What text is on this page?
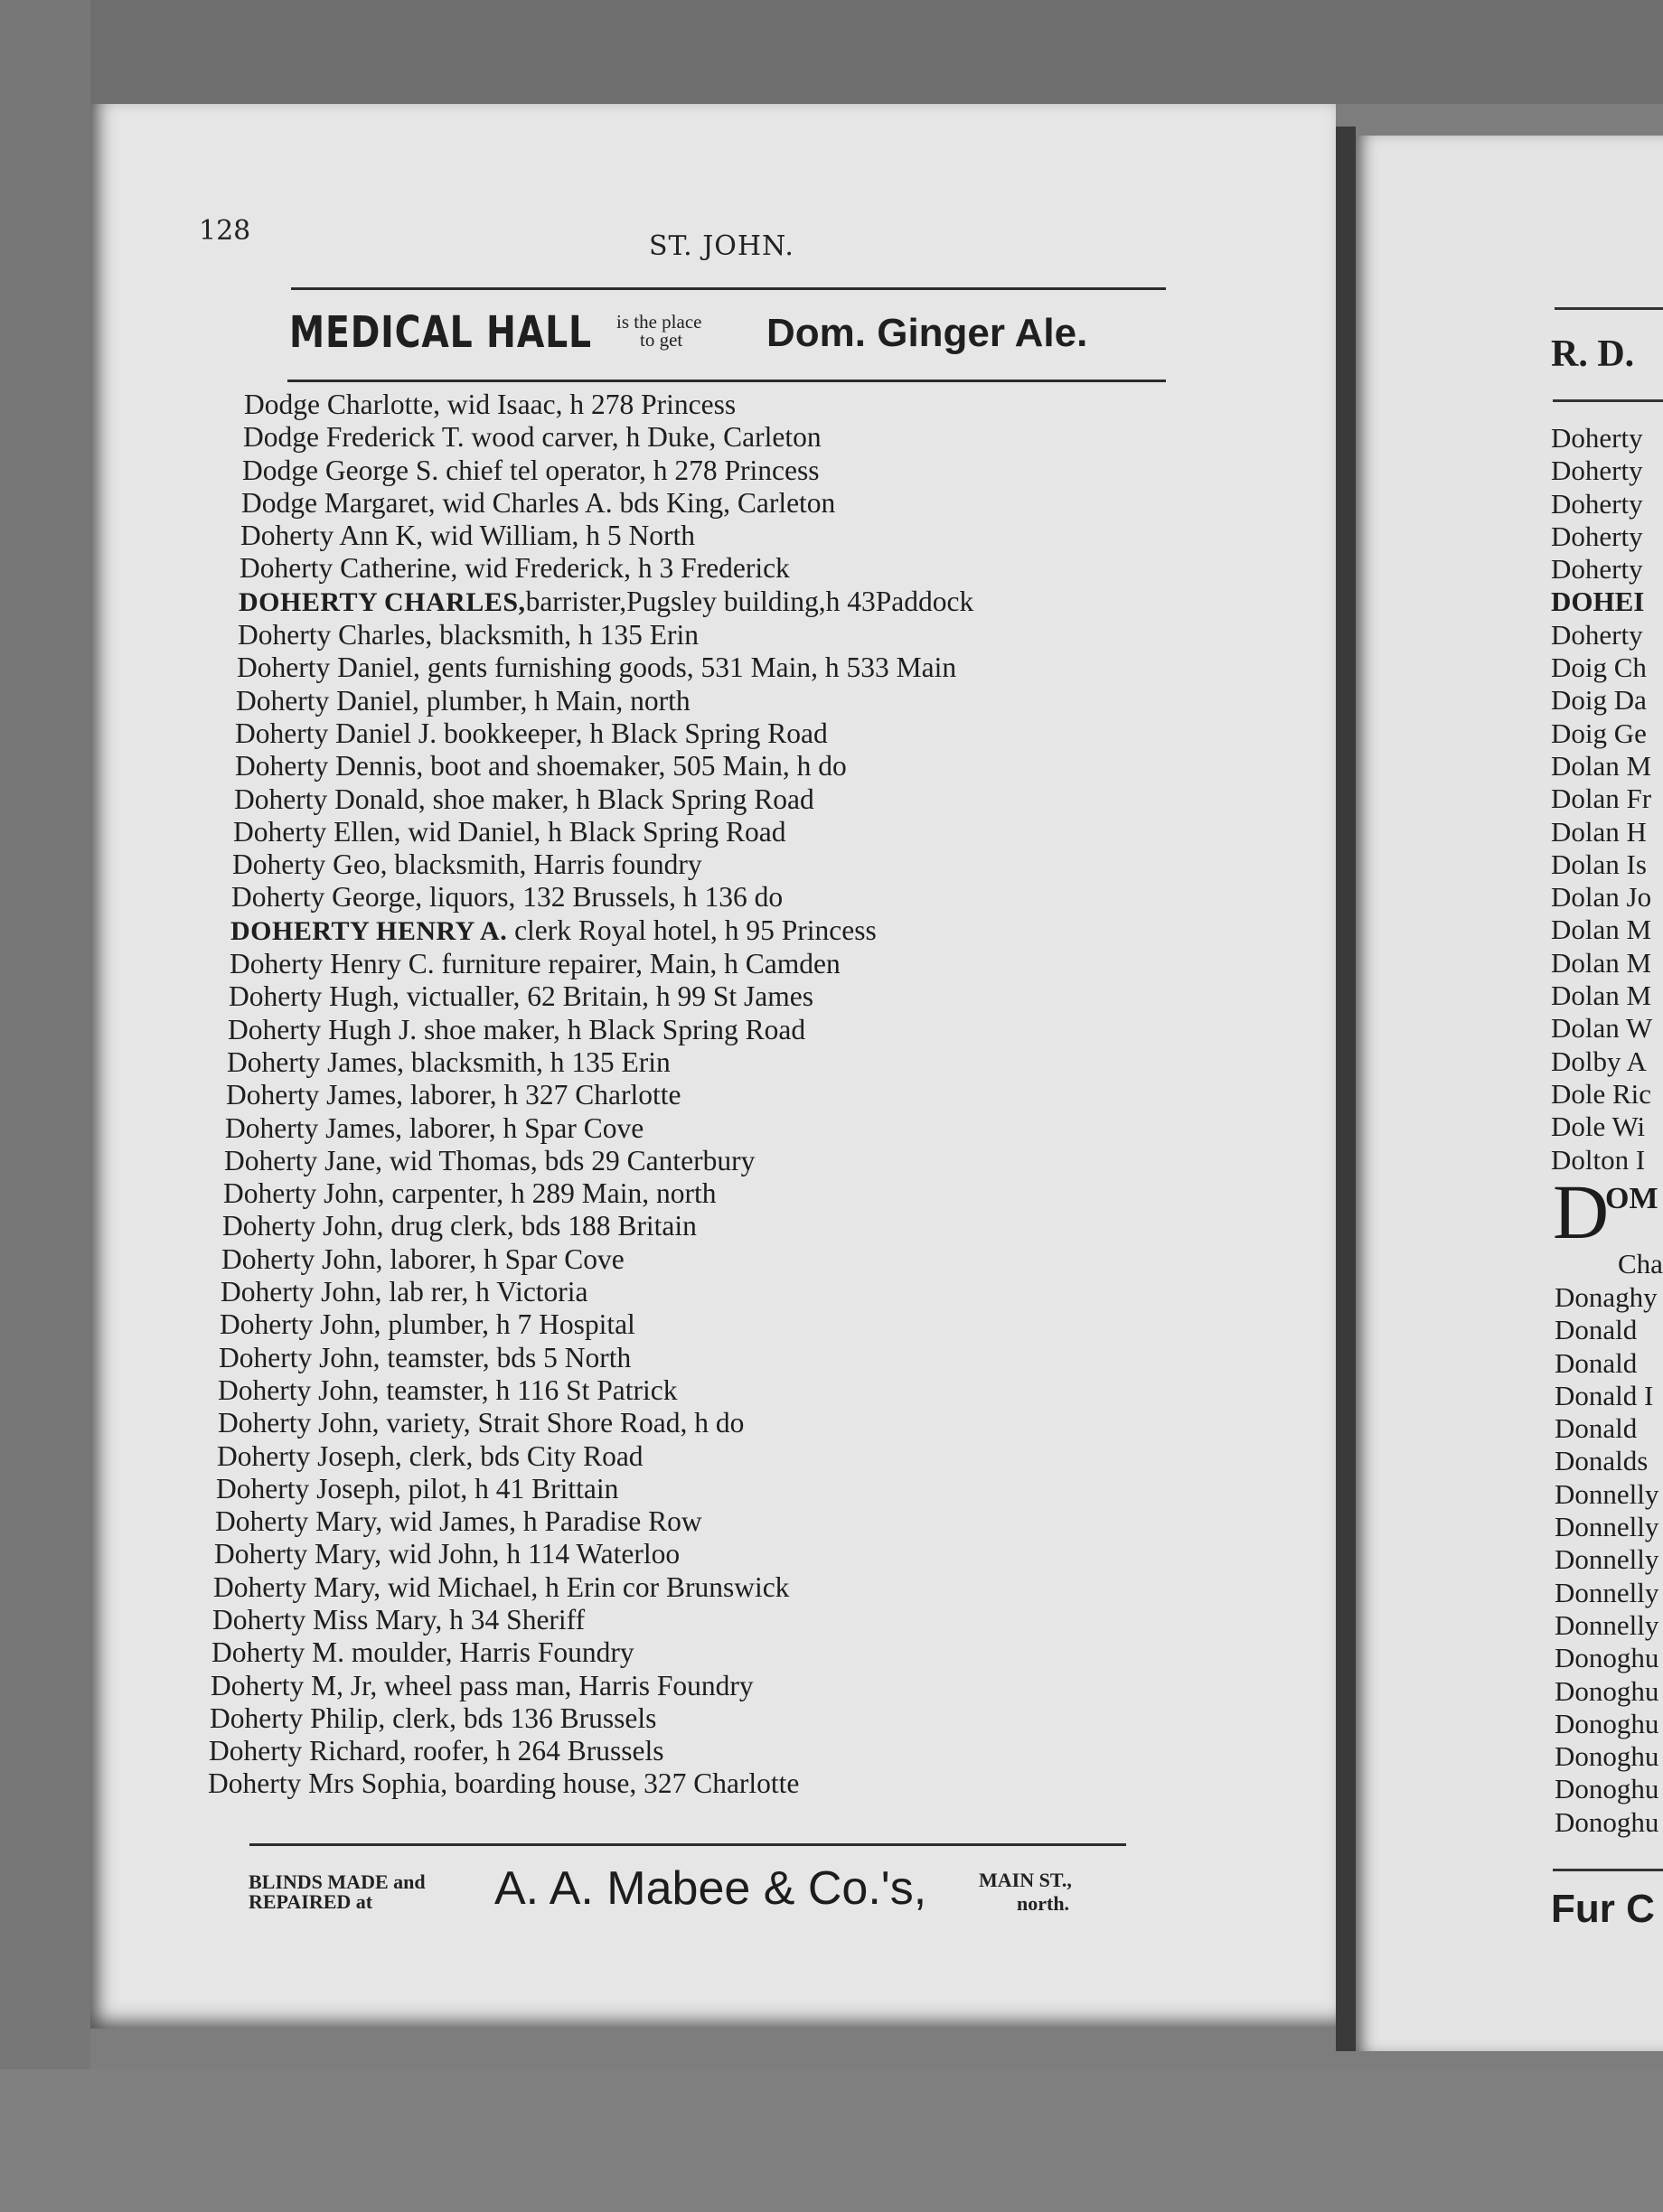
128	ST. JOHN.
MEDICAL HALL is the place
to get Dom. Ginger Ale.
Dodge Charlotte, wid Isaac, h 278 Princess
Dodge Frederick T. wood carver, h Duke, Carleton
Dodge George S. chief tel operator, h 278 Princess
Dodge Margaret, wid Charles A. bds King, Carleton
Doherty Ann K, wid William, h 5 North
Doherty Catherine, wid Frederick, h 3 Frederick
DOHERTY CHARLES,barrister,Pugsley building,h 43Paddock
Doherty Charles, blacksmith, h 135 Erin
Doherty Daniel, gents furnishing goods, 531 Main, h 533 Main
Doherty Daniel, plumber, h Main, north
Doherty Daniel J. bookkeeper, h Black Spring Road
Doherty Dennis, boot and shoemaker, 505 Main, h do
Doherty Donald, shoe maker, h Black Spring Road
Doherty Ellen, wid Daniel, h Black Spring Road
Doherty Geo, blacksmith, Harris foundry
Doherty George, liquors, 132 Brussels, h 136 do
DOHERTY HENRY A. clerk Royal hotel, h 95 Princess
Doherty Henry C. furniture repairer, Main, h Camden
Doherty Hugh, victualler, 62 Britain, h 99 St James
Doherty Hugh J. shoe maker, h Black Spring Road
Doherty James, blacksmith, h 135 Erin
Doherty James, laborer, h 327 Charlotte
Doherty James, laborer, h Spar Cove
Doherty Jane, wid Thomas, bds 29 Canterbury
Doherty John, carpenter, h 289 Main, north
Doherty John, drug clerk, bds 188 Britain
Doherty John, laborer, h Spar Cove
Doherty John, lab rer, h Victoria
Doherty John, plumber, h 7 Hospital
Doherty John, teamster, bds 5 North
Doherty John, teamster, h 116 St Patrick
Doherty John, variety, Strait Shore Road, h do
Doherty Joseph, clerk, bds City Road
Doherty Joseph, pilot, h 41 Brittain
Doherty Mary, wid James, h Paradise Row
Doherty Mary, wid John, h 114 Waterloo
Doherty Mary, wid Michael, h Erin cor Brunswick
Doherty Miss Mary, h 34 Sheriff
Doherty M. moulder, Harris Foundry
Doherty M, Jr, wheel pass man, Harris Foundry
Doherty Philip, clerk, bds 136 Brussels
Doherty Richard, roofer, h 264 Brussels
Doherty Mrs Sophia, boarding house, 327 Charlotte
BLINDS MADE and
REPAIRED at	A. A. Mabee & Co.'s,	MAIN ST.,
north.
R. D.
Doherty
Doherty
Doherty
Doherty
Doherty
DOHEI
Doherty
Doig Ch
Doig Da
Doig Ge
Dolan M
Dolan Fr
Dolan H
Dolan Is
Dolan Jo
Dolan M
Dolan M
Dolan M
Dolan W
Dolby A
Dole Ric
Dole Wi
Dolton I
D
OM
Cha
Donaghy
Donald
Donald
Donald I
Donald
Donalds
Donnelly
Donnelly
Donnelly
Donnelly
Donnelly
Donoghu
Donoghu
Donoghu
Donoghu
Donoghu
Donoghu
Fur C
